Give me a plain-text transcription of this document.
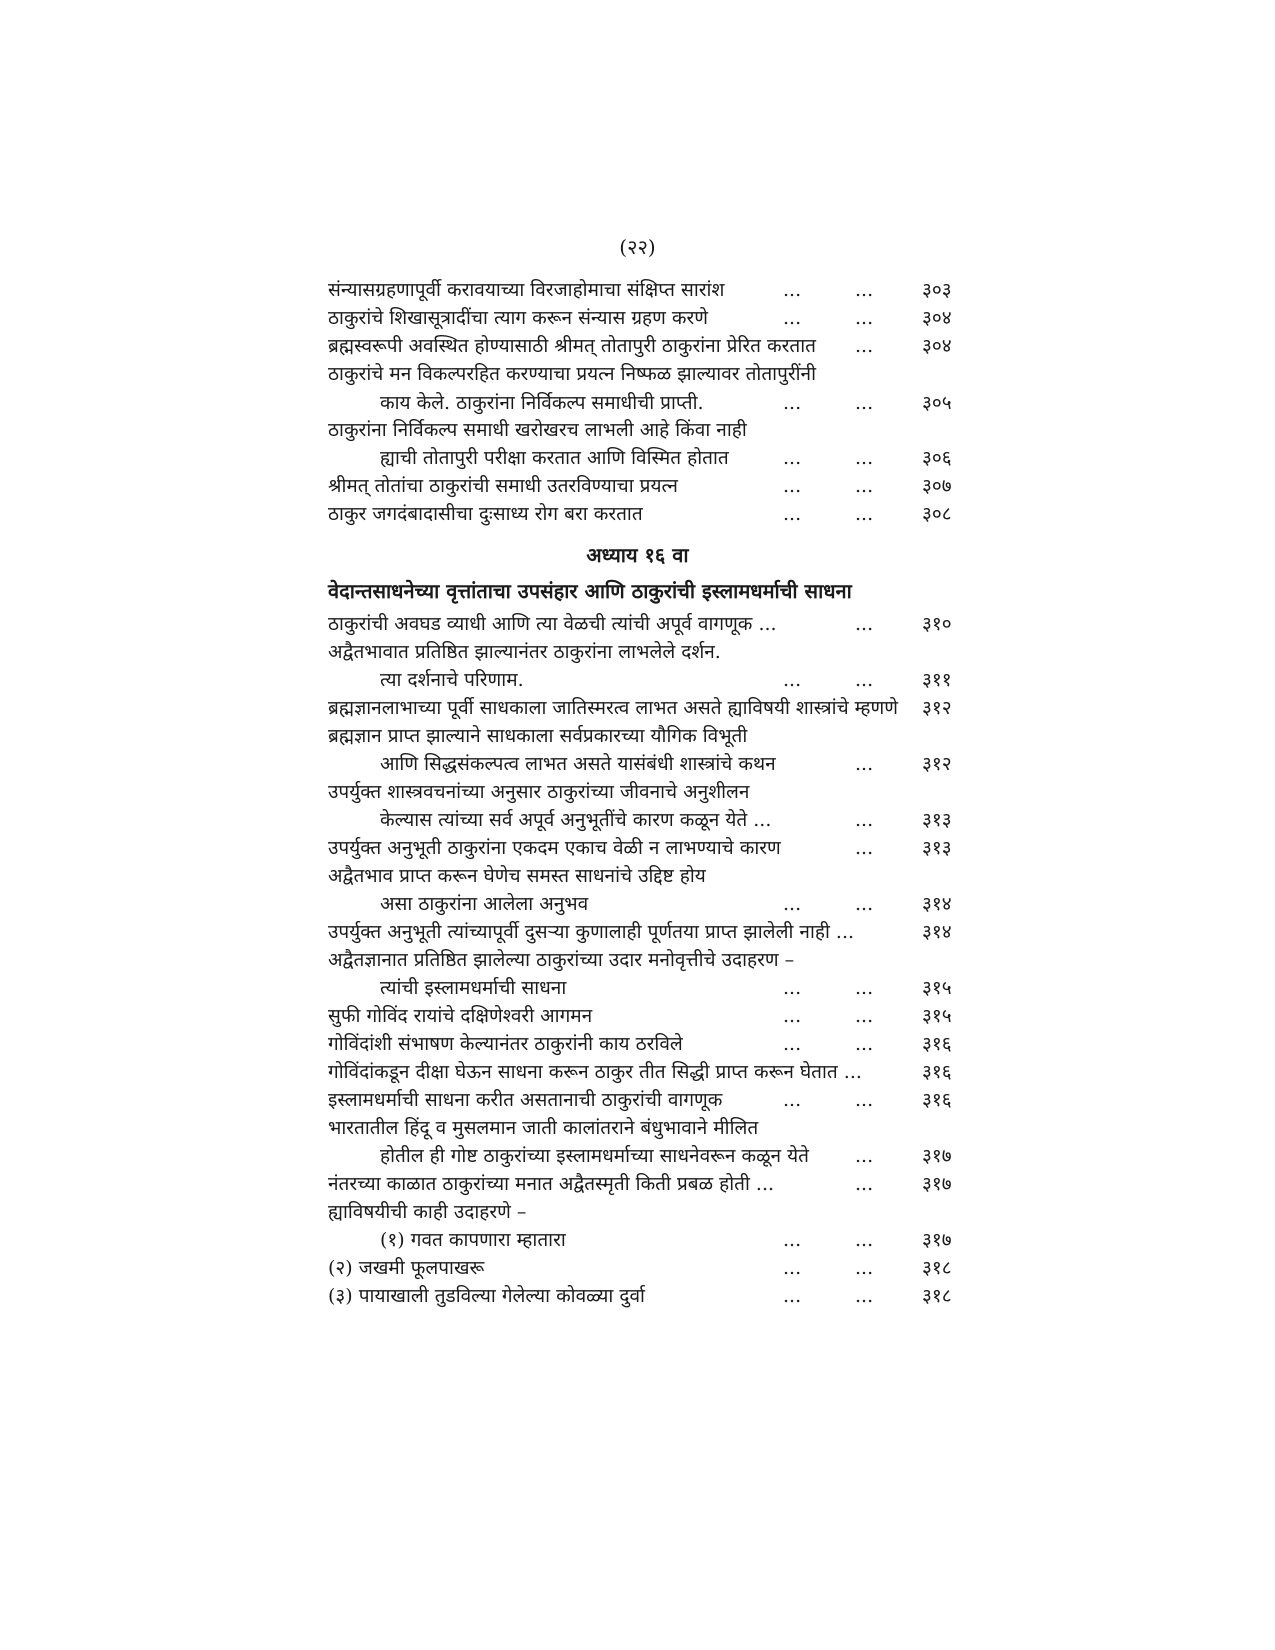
(२२)
संन्यासग्रहणापूर्वी करावयाच्या विरजाहोमाचा संक्षिप्त सारांश	...	...	३०३
ठाकुरांचे शिखासूत्रादींचा त्याग करून संन्यास ग्रहण करणे	...	...	३०४
ब्रह्मस्वरूपी अवस्थित होण्यासाठी श्रीमत् तोतापुरी ठाकुरांना प्रेरित करतात ...	३०४
ठाकुरांचे मन विकल्परहित करण्याचा प्रयत्न निष्फळ झाल्यावर तोतापुरींनी
काय केले. ठाकुरांना निर्विकल्प समाधीची प्राप्ती.	...	...	३०५
ठाकुरांना निर्विकल्प समाधी खरोखरच लाभली आहे किंवा नाही
ह्याची तोतापुरी परीक्षा करतात आणि विस्मित होतात	...	...	३०६
श्रीमत् तोतांचा ठाकुरांची समाधी उतरविण्याचा प्रयत्न	...	...	३०७
ठाकुर जगदंबादासीचा दुःसाध्य रोग बरा करतात	...	...	३०८
अध्याय १६ वा
वेदान्तसाधनेच्या वृत्तांताचा उपसंहार आणि ठाकुरांची इस्लामधर्माची साधना
ठाकुरांची अवघड व्याधी आणि त्या वेळची त्यांची अपूर्व वागणूक ...	...	३१०
अद्वैतभावात प्रतिष्ठित झाल्यानंतर ठाकुरांना लाभलेले दर्शन.
त्या दर्शनाचे परिणाम.	...	...	३११
ब्रह्मज्ञानलाभाच्या पूर्वी साधकाला जातिस्मरत्व लाभत असते ह्याविषयी शास्त्रांचे म्हणणे ३१२
ब्रह्मज्ञान प्राप्त झाल्याने साधकाला सर्वप्रकारच्या यौगिक विभूती
आणि सिद्धसंकल्पत्व लाभत असते यासंबंधी शास्त्रांचे कथन	...	३१२
उपर्युक्त शास्त्रवचनांच्या अनुसार ठाकुरांच्या जीवनाचे अनुशीलन
केल्यास त्यांच्या सर्व अपूर्व अनुभूतींचे कारण कळून येते ...	...	३१३
उपर्युक्त अनुभूती ठाकुरांना एकदम एकाच वेळी न लाभण्याचे कारण	...	३१३
अद्वैतभाव प्राप्त करून घेणेच समस्त साधनांचे उद्दिष्ट होय
असा ठाकुरांना आलेला अनुभव	...	...	३१४
उपर्युक्त अनुभूती त्यांच्यापूर्वी दुसऱ्या कुणालाही पूर्णतया प्राप्त झालेली नाही ...	३१४
अद्वैतज्ञानात प्रतिष्ठित झालेल्या ठाकुरांच्या उदार मनोवृत्तीचे उदाहरण –
त्यांची इस्लामधर्माची साधना	...	...	३१५
सुफी गोविंद रायांचे दक्षिणेश्वरी आगमन	...	...	३१५
गोविंदांशी संभाषण केल्यानंतर ठाकुरांनी काय ठरविले	...	...	३१६
गोविंदांकडून दीक्षा घेऊन साधना करून ठाकुर तीत सिद्धी प्राप्त करून घेतात ...	३१६
इस्लामधर्माची साधना करीत असतानाची ठाकुरांची वागणूक	...	...	३१६
भारतातील हिंदू व मुसलमान जाती कालांतराने बंधुभावाने मीलित
होतील ही गोष्ट ठाकुरांच्या इस्लामधर्माच्या साधनेवरून कळून येते ...	३१७
नंतरच्या काळात ठाकुरांच्या मनात अद्वैतस्मृती किती प्रबळ होती ...	...	३१७
ह्याविषयीची काही उदाहरणे –
(१) गवत कापणारा म्हातारा	...	...	३१७
(२) जखमी फूलपाखरू	...	...	३१८
(३) पायाखाली तुडविल्या गेलेल्या कोवळ्या दुर्वा	...	...	३१८
